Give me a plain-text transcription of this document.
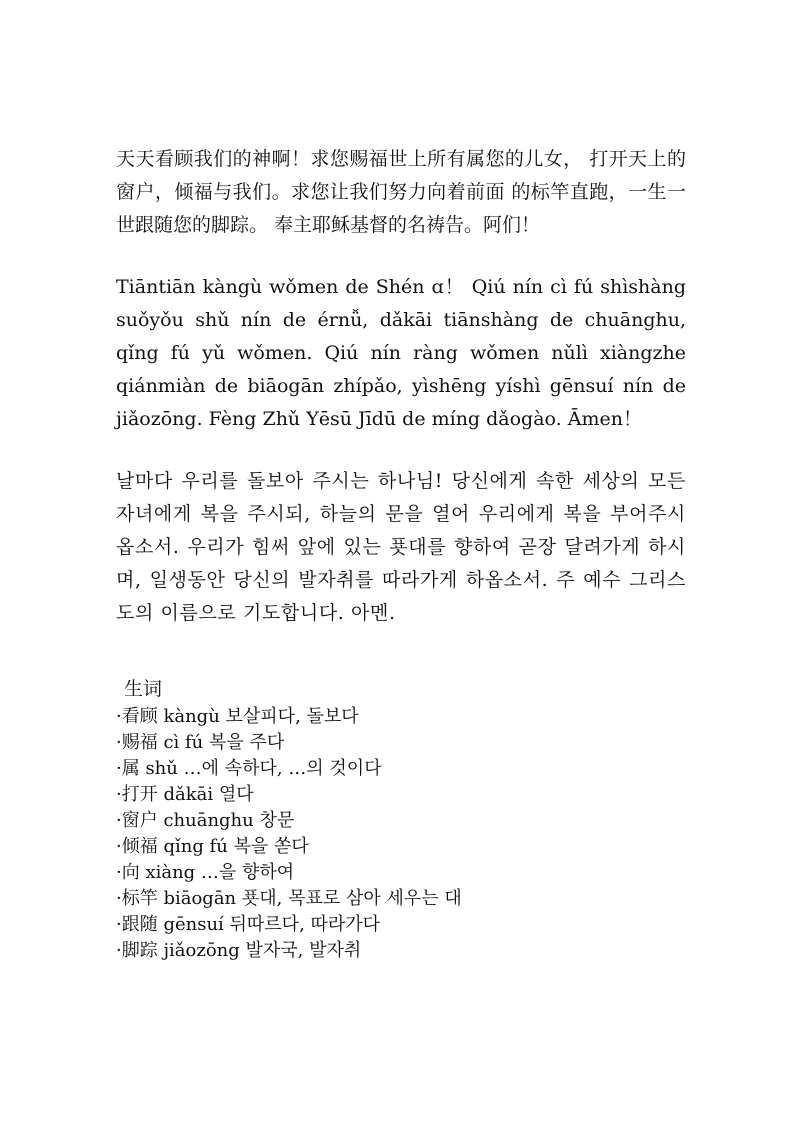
天天看顾我们的神啊！求您赐福世上所有属您的儿女， 打开天上的窗户，倾福与我们。求您让我们努力向着前面 的标竿直跑，一生一世跟随您的脚踪。 奉主耶稣基督的名祷告。阿们！

Tiāntiān kàngù wǒmen de Shén ɑ！ Qiú nín cì fú shìshàng suǒyǒu shǔ nín de érnǚ, dǎkāi tiānshàng de chuānghu, qǐng fú yǔ wǒmen. Qiú nín ràng wǒmen nǔlì xiàngzhe qiánmiàn de biāogān zhípǎo, yìshēng yíshì gēnsuí nín de jiǎozōng. Fèng Zhǔ Yēsū Jīdū de míng dǎogào. Āmen！

날마다 우리를 돌보아 주시는 하나님! 당신에게 속한 세상의 모든 자녀에게 복을 주시되, 하늘의 문을 열어 우리에게 복을 부어주시옵소서. 우리가 힘써 앞에 있는 푯대를 향하여 곧장 달려가게 하시며, 일생동안 당신의 발자취를 따라가게 하옵소서. 주 예수 그리스도의 이름으로 기도합니다. 아멘.

生词
·看顾 kàngù 보살피다, 돌보다
·赐福 cì fú 복을 주다
·属 shǔ …에 속하다, …의 것이다
·打开 dǎkāi 열다
·窗户 chuānghu 창문
·倾福 qǐng fú 복을 쏟다
·向 xiàng …을 향하여
·标竿 biāogān 푯대, 목표로 삼아 세우는 대
·跟随 gēnsuí 뒤따르다, 따라가다
·脚踪 jiǎozōng 발자국, 발자취
